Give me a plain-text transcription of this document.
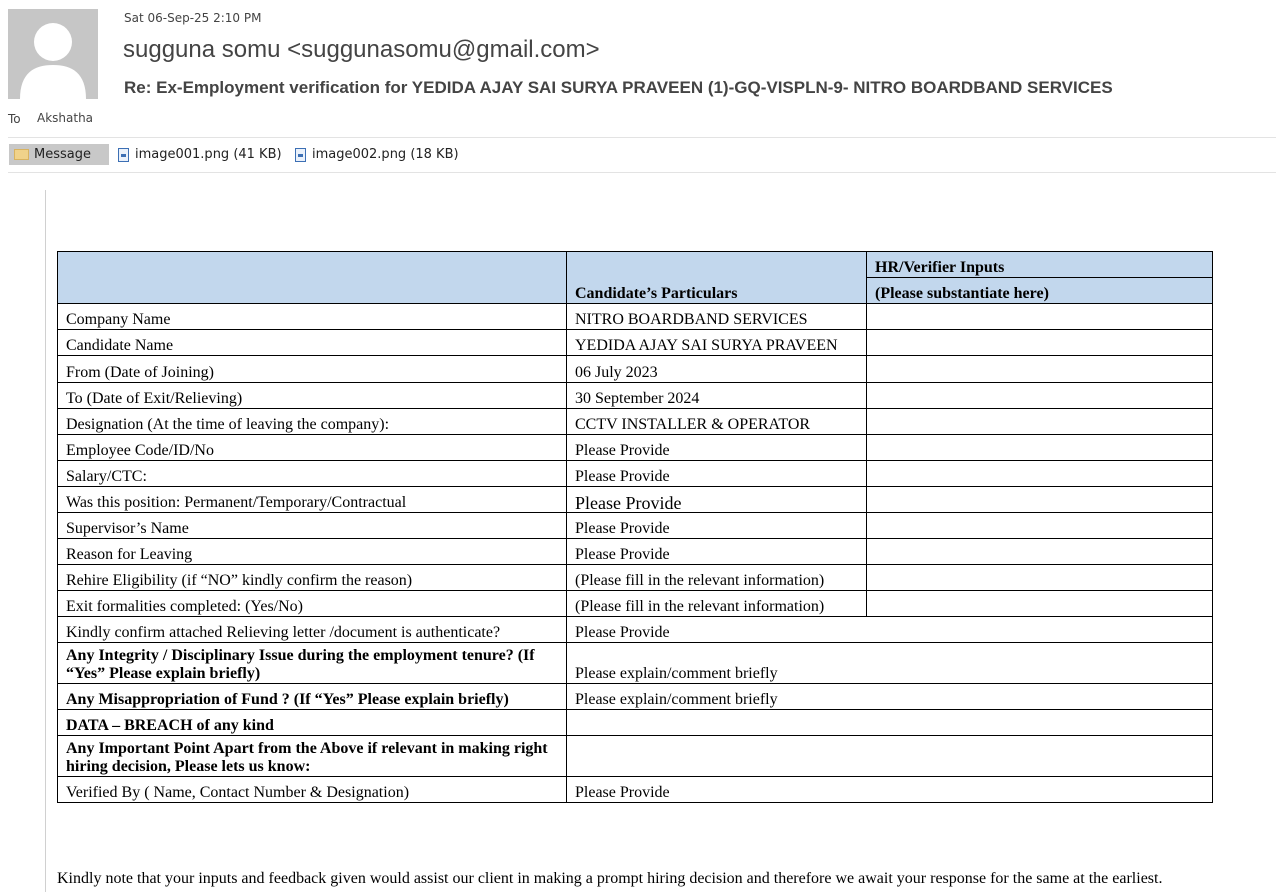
Sat 06-Sep-25 2:10 PM
sugguna somu <suggunasomu@gmail.com>
Re: Ex-Employment verification for YEDIDA AJAY SAI SURYA PRAVEEN (1)-GQ-VISPLN-9- NITRO BOARDBAND SERVICES
To Akshatha
Message	image001.png (41 KB) image002.png (18 KB)
	Candidate’s Particulars	HR/Verifier Inputs
		(Please substantiate here)
Company Name	NITRO BOARDBAND SERVICES	
Candidate Name	YEDIDA AJAY SAI SURYA PRAVEEN	
From (Date of Joining)	06 July 2023	
To (Date of Exit/Relieving)	30 September 2024	
Designation (At the time of leaving the company):	CCTV INSTALLER & OPERATOR	
Employee Code/ID/No	Please Provide	
Salary/CTC:	Please Provide	
Was this position: Permanent/Temporary/Contractual	Please Provide	
Supervisor’s Name	Please Provide	
Reason for Leaving	Please Provide	
Rehire Eligibility (if “NO” kindly confirm the reason)	(Please fill in the relevant information)	
Exit formalities completed: (Yes/No)	(Please fill in the relevant information)	
Kindly confirm attached Relieving letter /document is authenticate?	Please Provide	
Any Integrity / Disciplinary Issue during the employment tenure? (If “Yes” Please explain briefly)	Please explain/comment briefly	
Any Misappropriation of Fund ? (If “Yes” Please explain briefly)	Please explain/comment briefly	
DATA – BREACH of any kind		
Any Important Point Apart from the Above if relevant in making right hiring decision, Please lets us know:		
Verified By ( Name, Contact Number & Designation)	Please Provide	
Kindly note that your inputs and feedback given would assist our client in making a prompt hiring decision and therefore we await your response for the same at the earliest.
